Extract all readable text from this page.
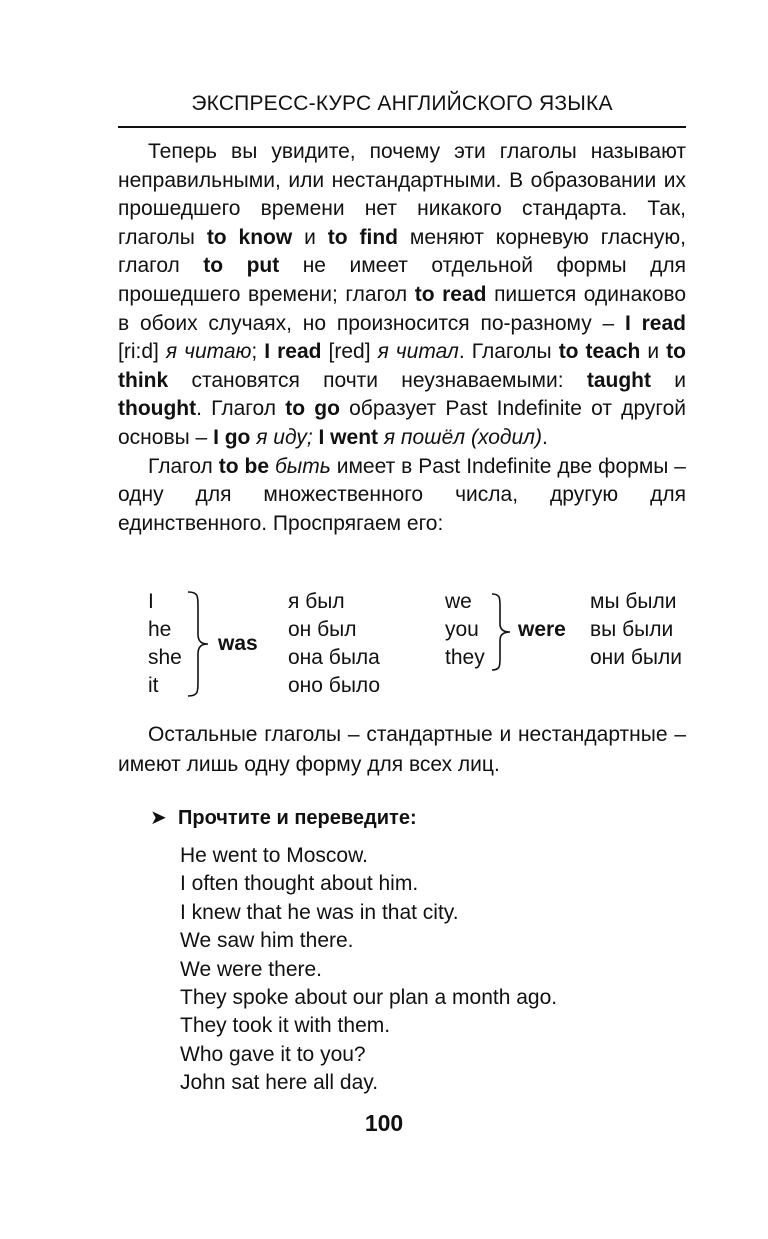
ЭКСПРЕСС-КУРС АНГЛИЙСКОГО ЯЗЫКА

Теперь вы увидите, почему эти глаголы называют неправильными, или нестандартными. В образовании их прошедшего времени нет никакого стандарта. Так, глаголы to know и to find меняют корневую гласную, глагол to put не имеет отдельной формы для прошедшего времени; глагол to read пишется одинаково в обоих случаях, но произносится по-разному – I read [ri:d] я читаю; I read [red] я читал. Глаголы to teach и to think становятся почти неузнаваемыми: taught и thought. Глагол to go образует Past Indefinite от другой основы – I go я иду; I went я пошёл (ходил).

Глагол to be быть имеет в Past Indefinite две формы – одну для множественного числа, другую для единственного. Проспрягаем его:

I
he
she
it
was
я был
он был
она была
оно было
we
you
they
were
мы были
вы были
они были

Остальные глаголы – стандартные и нестандартные – имеют лишь одну форму для всех лиц.

➤ Прочтите и переведите:
He went to Moscow.
I often thought about him.
I knew that he was in that city.
We saw him there.
We were there.
They spoke about our plan a month ago.
They took it with them.
Who gave it to you?
John sat here all day.
100
